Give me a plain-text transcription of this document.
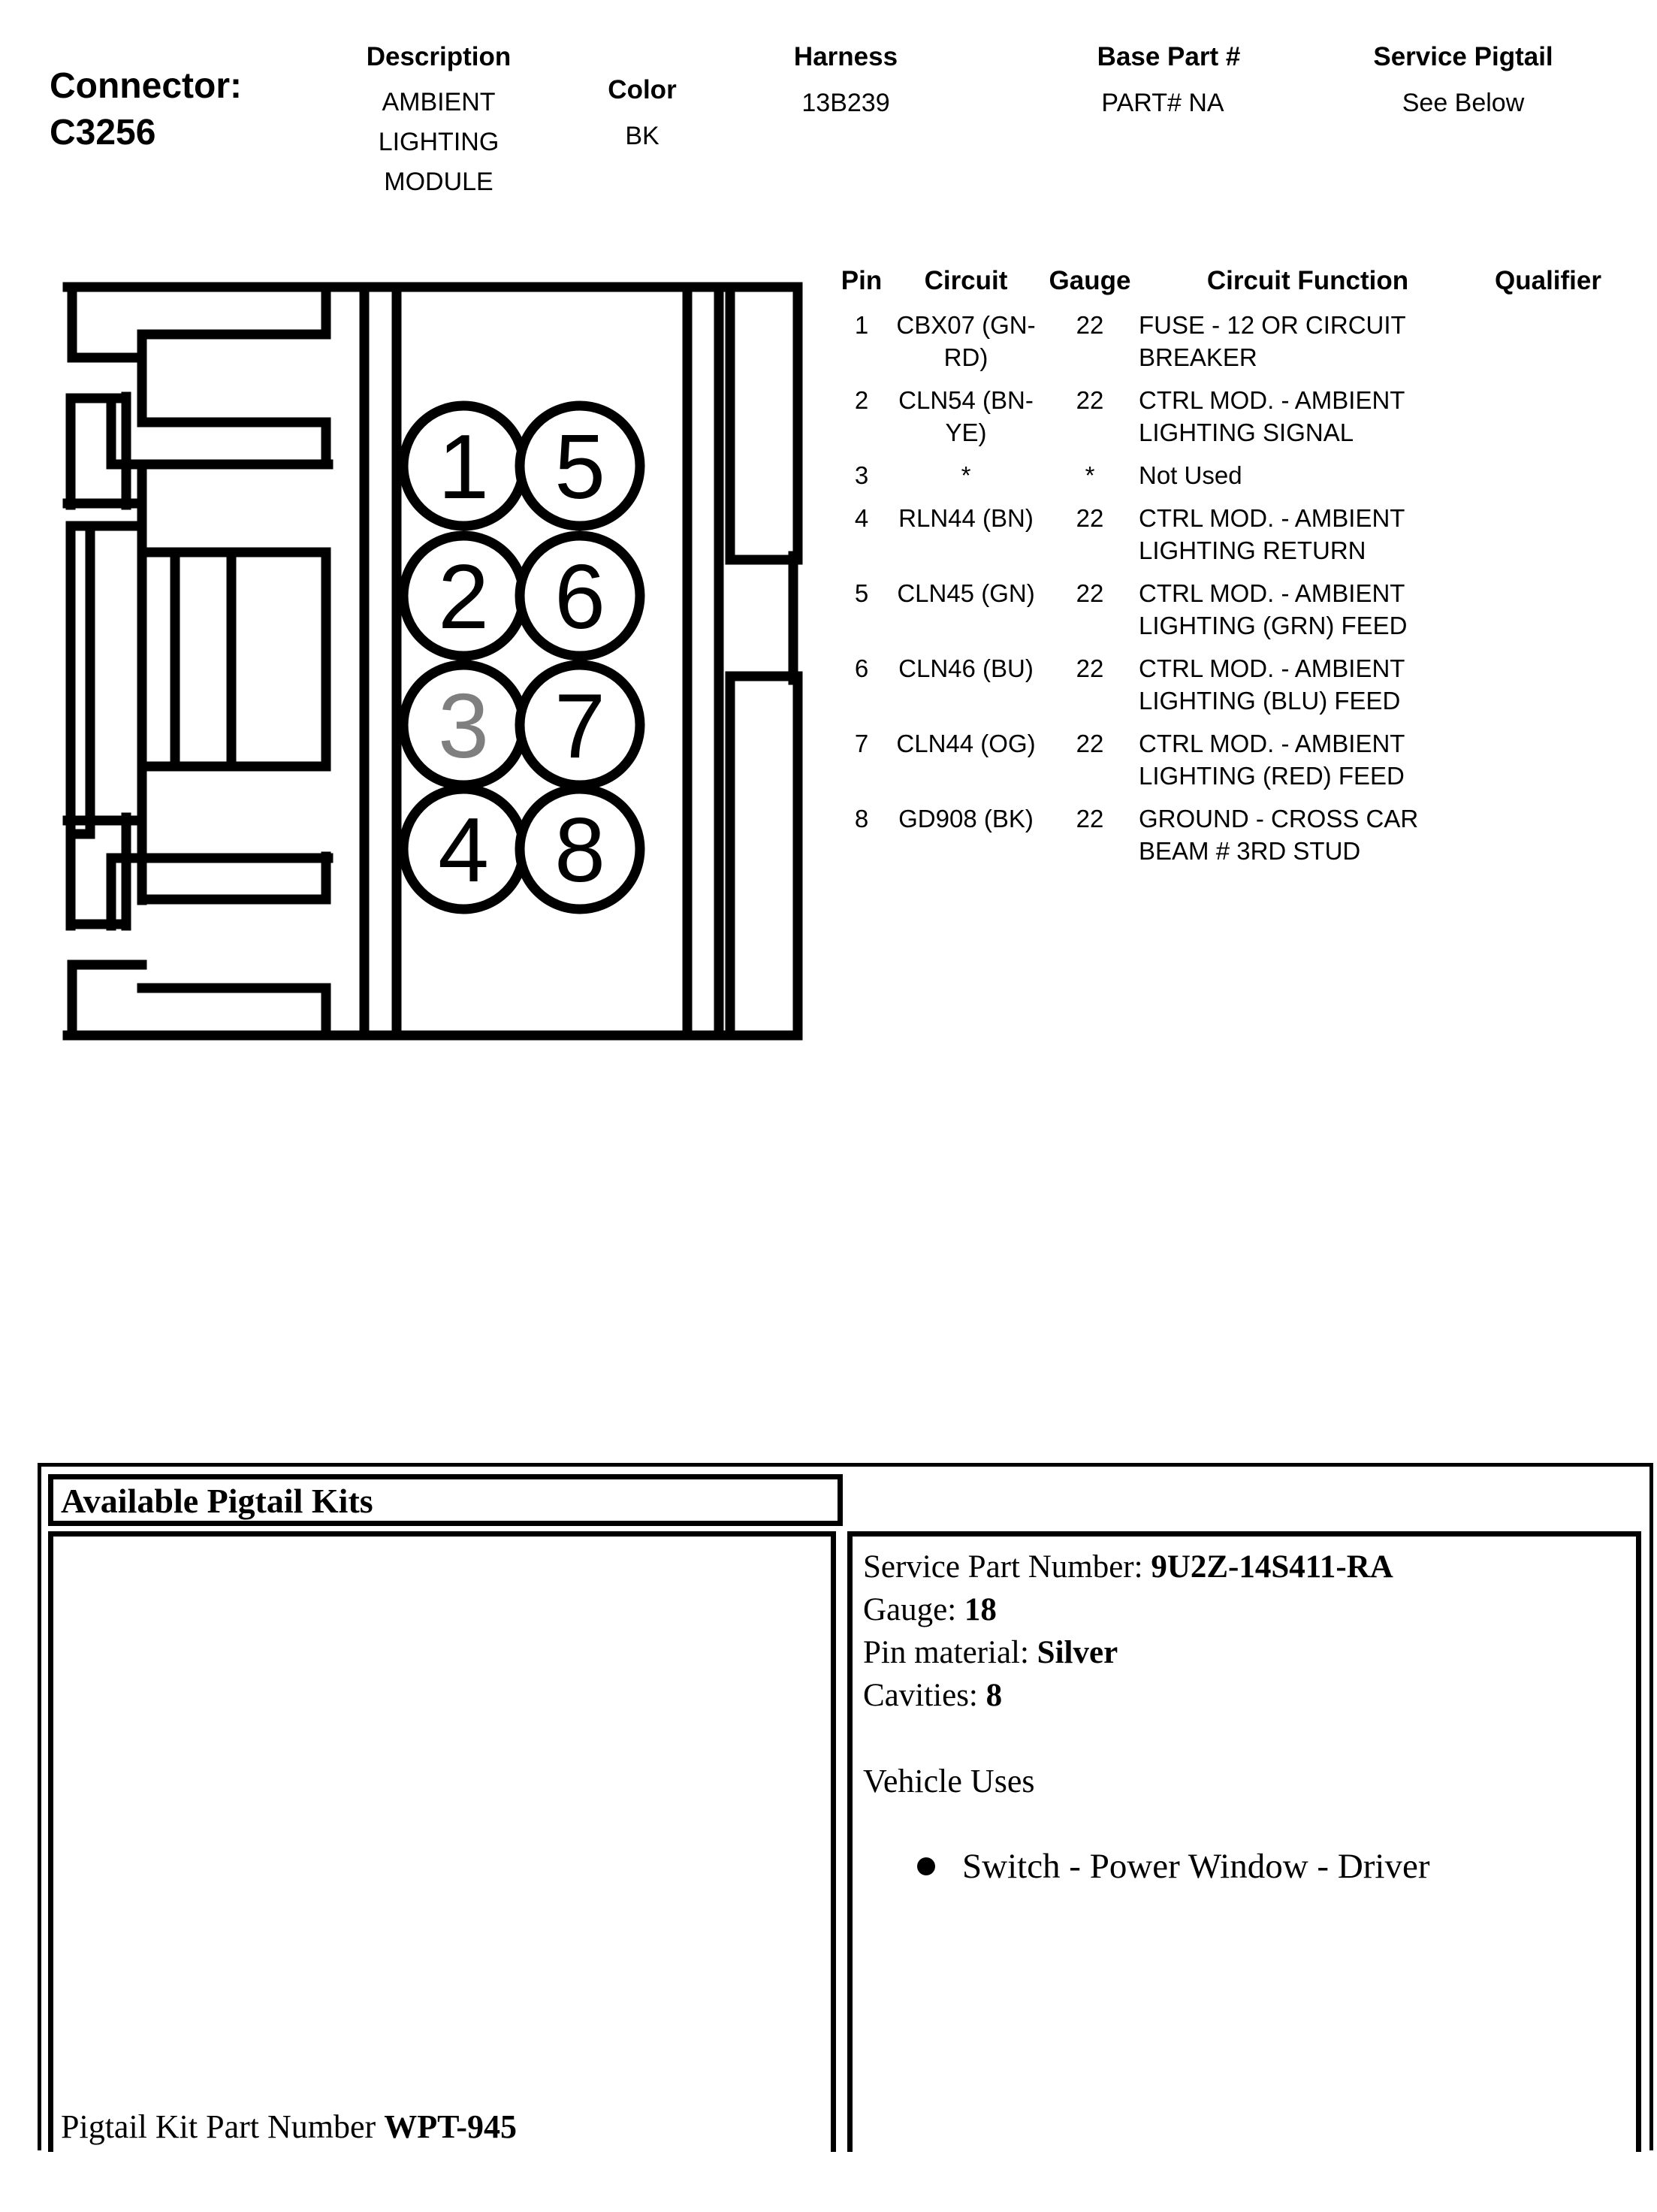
Connector:
C3256
Description
AMBIENT LIGHTING MODULE
Color
BK
Harness
13B239
Base Part #
PART# NA
Service Pigtail
See Below
1
2
3
4
5
6
7
8
Pin	Circuit	Gauge	Circuit Function	Qualifier
1	CBX07 (GN-RD)	22	FUSE - 12 OR CIRCUIT BREAKER	
2	CLN54 (BN-YE)	22	CTRL MOD. - AMBIENT LIGHTING SIGNAL	
3	*	*	Not Used	
4	RLN44 (BN)	22	CTRL MOD. - AMBIENT LIGHTING RETURN	
5	CLN45 (GN)	22	CTRL MOD. - AMBIENT LIGHTING (GRN) FEED	
6	CLN46 (BU)	22	CTRL MOD. - AMBIENT LIGHTING (BLU) FEED	
7	CLN44 (OG)	22	CTRL MOD. - AMBIENT LIGHTING (RED) FEED	
8	GD908 (BK)	22	GROUND - CROSS CAR BEAM # 3RD STUD	
Available Pigtail Kits
Pigtail Kit Part Number WPT-945
Service Part Number: 9U2Z-14S411-RA
Gauge: 18
Pin material: Silver
Cavities: 8
Vehicle Uses
Switch - Power Window - Driver
